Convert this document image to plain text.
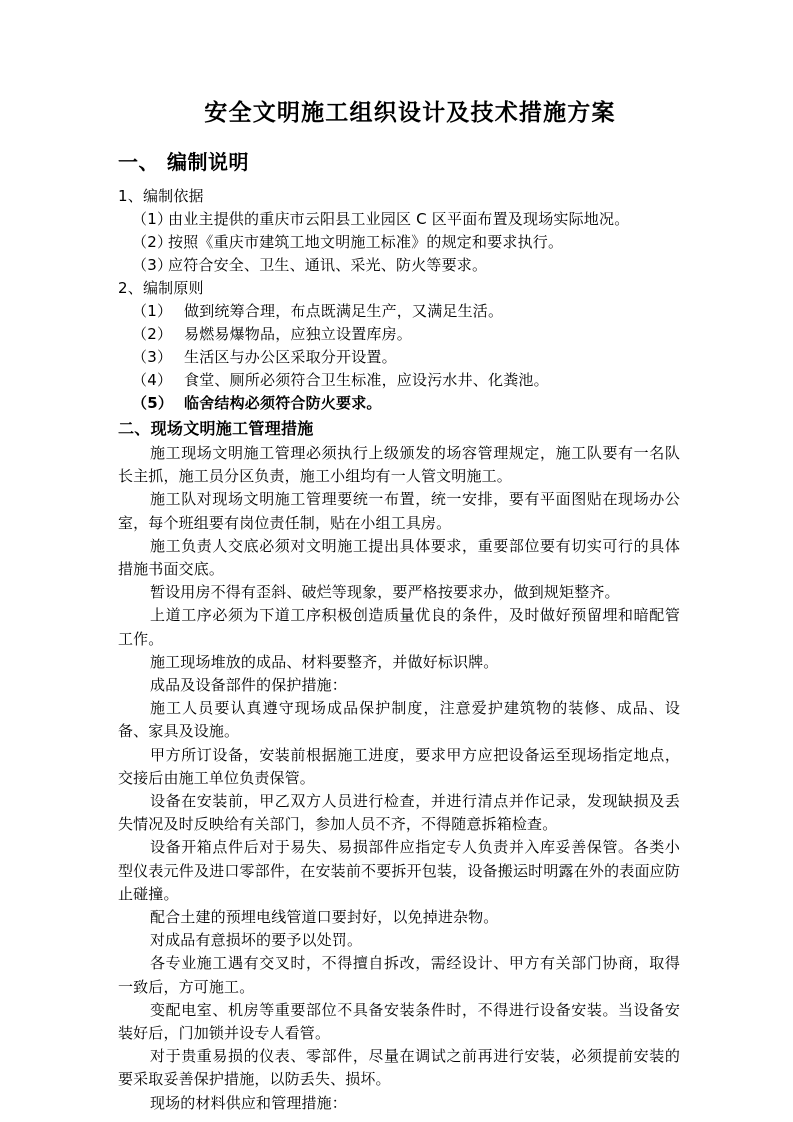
安全文明施工组织设计及技术措施方案
一、 编制说明

1、编制依据

（1）由业主提供的重庆市云阳县工业园区 C 区平面布置及现场实际地况。

（2）按照《重庆市建筑工地文明施工标准》的规定和要求执行。

（3）应符合安全、卫生、通讯、采光、防火等要求。

2、编制原则

（1） 做到统筹合理，布点既满足生产，又满足生活。

（2） 易燃易爆物品，应独立设置库房。

（3） 生活区与办公区采取分开设置。

（4） 食堂、厕所必须符合卫生标准，应设污水井、化粪池。

（5） 临舍结构必须符合防火要求。

二、现场文明施工管理措施

施工现场文明施工管理必须执行上级颁发的场容管理规定，施工队要有一名队长主抓，施工员分区负责，施工小组均有一人管文明施工。

施工队对现场文明施工管理要统一布置，统一安排，要有平面图贴在现场办公室，每个班组要有岗位责任制，贴在小组工具房。

施工负责人交底必须对文明施工提出具体要求，重要部位要有切实可行的具体措施书面交底。

暂设用房不得有歪斜、破烂等现象，要严格按要求办，做到规矩整齐。

上道工序必须为下道工序积极创造质量优良的条件，及时做好预留埋和暗配管工作。

施工现场堆放的成品、材料要整齐，并做好标识牌。

成品及设备部件的保护措施：

施工人员要认真遵守现场成品保护制度，注意爱护建筑物的装修、成品、设备、家具及设施。

甲方所订设备，安装前根据施工进度，要求甲方应把设备运至现场指定地点，交接后由施工单位负责保管。

设备在安装前，甲乙双方人员进行检查，并进行清点并作记录，发现缺损及丢失情况及时反映给有关部门，参加人员不齐，不得随意拆箱检查。

设备开箱点件后对于易失、易损部件应指定专人负责并入库妥善保管。各类小型仪表元件及进口零部件，在安装前不要拆开包装，设备搬运时明露在外的表面应防止碰撞。

配合土建的预埋电线管道口要封好，以免掉进杂物。

对成品有意损坏的要予以处罚。

各专业施工遇有交叉时，不得擅自拆改，需经设计、甲方有关部门协商，取得一致后，方可施工。

变配电室、机房等重要部位不具备安装条件时，不得进行设备安装。当设备安装好后，门加锁并设专人看管。

对于贵重易损的仪表、零部件，尽量在调试之前再进行安装，必须提前安装的要采取妥善保护措施，以防丢失、损坏。

现场的材料供应和管理措施：
